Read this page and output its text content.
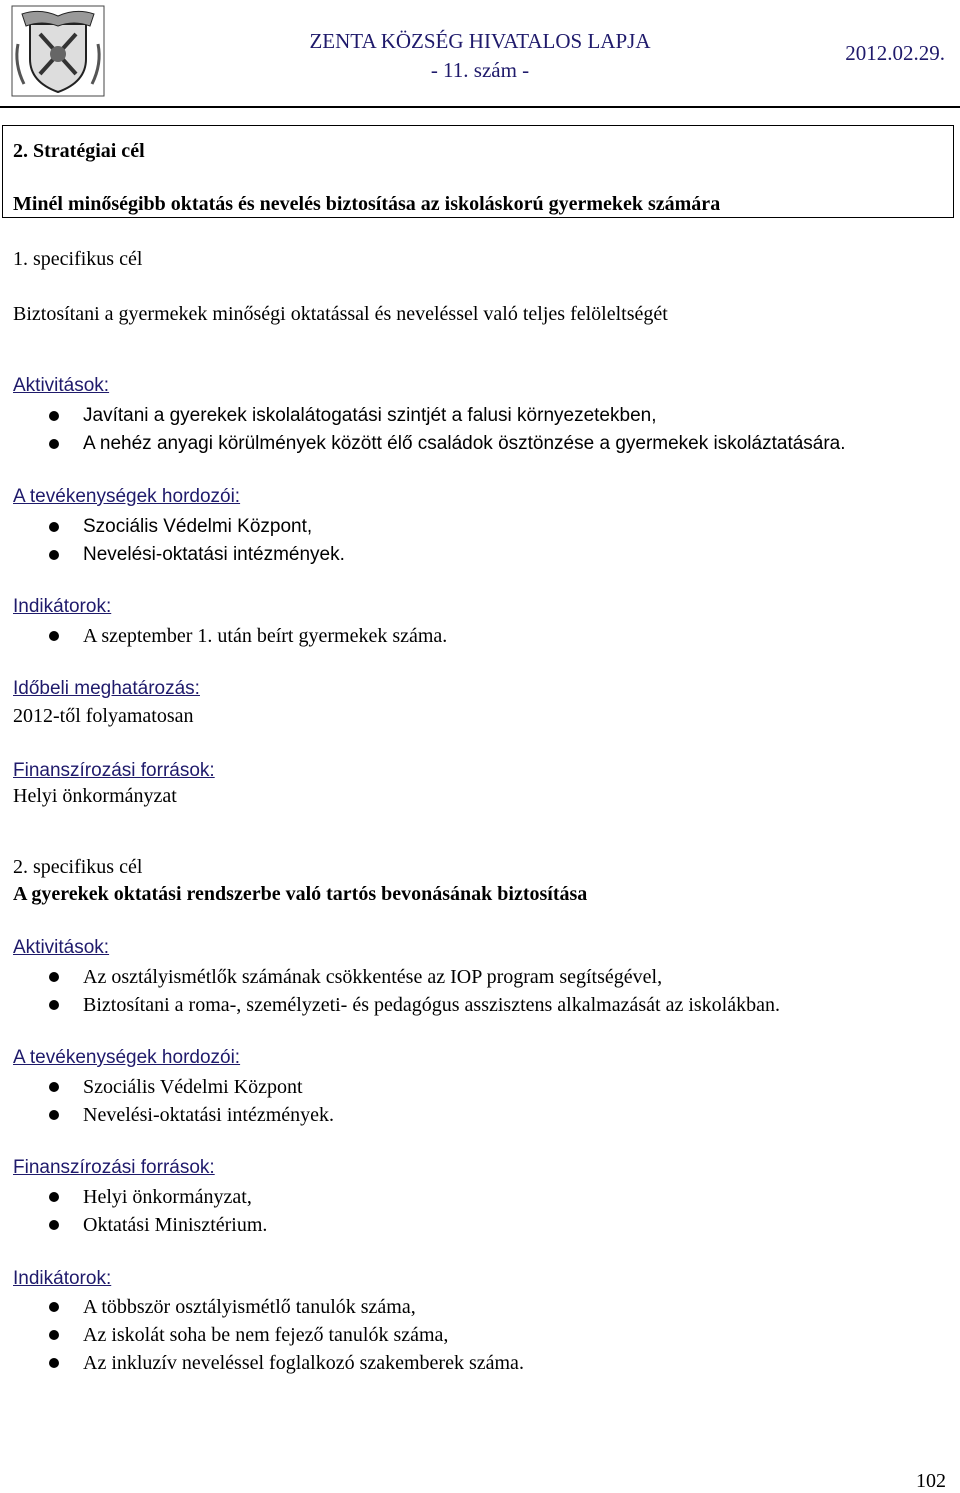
ZENTA KÖZSÉG HIVATALOS LAPJA
- 11. szám -
2012.02.29.
2. Stratégiai cél
Minél minőségibb oktatás és nevelés biztosítása az iskoláskorú gyermekek számára
1. specifikus cél
Biztosítani a gyermekek minőségi oktatással és neveléssel való teljes felöleltségét
Aktivitások:
Javítani a gyerekek iskolalátogatási szintjét a falusi környezetekben,
A nehéz anyagi körülmények között élő családok ösztönzése a gyermekek iskoláztatására.
A tevékenységek hordozói:
Szociális Védelmi Központ,
Nevelési-oktatási intézmények.
Indikátorok:
A szeptember 1. után beírt gyermekek száma.
Időbeli meghatározás:
2012-től folyamatosan
Finanszírozási források:
Helyi önkormányzat
2. specifikus cél
A gyerekek oktatási rendszerbe való tartós bevonásának biztosítása
Aktivitások:
Az osztályismétlők számának csökkentése az IOP program segítségével,
Biztosítani a roma-, személyzeti- és pedagógus asszisztens alkalmazását az iskolákban.
A tevékenységek hordozói:
Szociális Védelmi Központ
Nevelési-oktatási intézmények.
Finanszírozási források:
Helyi önkormányzat,
Oktatási Minisztérium.
Indikátorok:
A többször osztályismétlő tanulók száma,
Az iskolát soha be nem fejező tanulók száma,
Az inkluzív neveléssel foglalkozó szakemberek száma.
102
